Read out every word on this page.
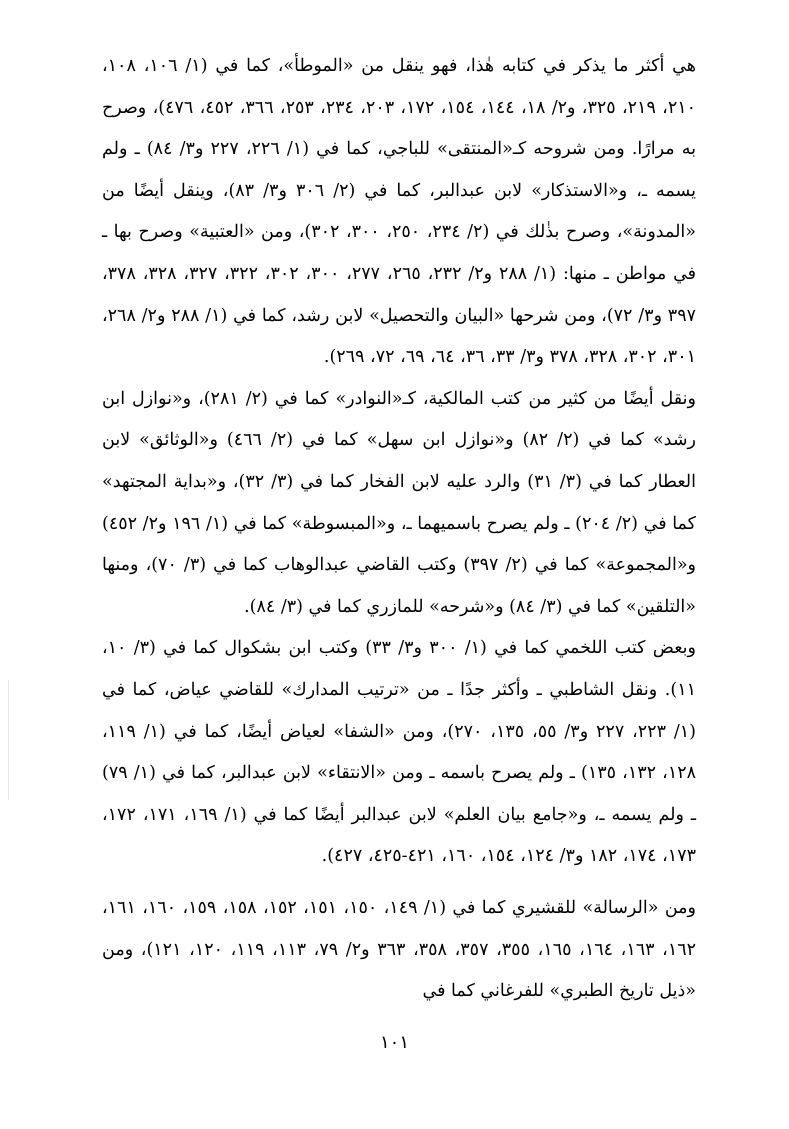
هي أكثر ما يذكر في كتابه هٰذا، فهو ينقل من «الموطأ»، كما في (١/ ١٠٦، ١٠٨، ٢١٠، ٢١٩، ٣٢٥، و٢/ ١٨، ١٤٤، ١٥٤، ١٧٢، ٢٠٣، ٢٣٤، ٢٥٣، ٣٦٦، ٤٥٢، ٤٧٦)، وصرح به مرارًا. ومن شروحه كـ«المنتقى» للباجي، كما في (١/ ٢٢٦، ٢٢٧ و٣/ ٨٤) ـ ولم يسمه ـ، و«الاستذكار» لابن عبدالبر، كما في (٢/ ٣٠٦ و٣/ ٨٣)، وينقل أيضًا من «المدونة»، وصرح بذٰلك في (٢/ ٢٣٤، ٢٥٠، ٣٠٠، ٣٠٢)، ومن «العتبية» وصرح بها ـ في مواطن ـ منها: (١/ ٢٨٨ و٢/ ٢٣٢، ٢٦٥، ٢٧٧، ٣٠٠، ٣٠٢، ٣٢٢، ٣٢٧، ٣٢٨، ٣٧٨، ٣٩٧ و٣/ ٧٢)، ومن شرحها «البيان والتحصيل» لابن رشد، كما في (١/ ٢٨٨ و٢/ ٢٦٨، ٣٠١، ٣٠٢، ٣٢٨، ٣٧٨ و٣/ ٣٣، ٣٦، ٦٤، ٦٩، ٧٢، ٢٦٩).

ونقل أيضًا من كثير من كتب المالكية، كـ«النوادر» كما في (٢/ ٢٨١)، و«نوازل ابن رشد» كما في (٢/ ٨٢) و«نوازل ابن سهل» كما في (٢/ ٤٦٦) و«الوثائق» لابن العطار كما في (٣/ ٣١) والرد عليه لابن الفخار كما في (٣/ ٣٢)، و«بداية المجتهد» كما في (٢/ ٢٠٤) ـ ولم يصرح باسميهما ـ، و«المبسوطة» كما في (١/ ١٩٦ و٢/ ٤٥٢) و«المجموعة» كما في (٢/ ٣٩٧) وكتب القاضي عبدالوهاب كما في (٣/ ٧٠)، ومنها «التلقين» كما في (٣/ ٨٤) و«شرحه» للمازري كما في (٣/ ٨٤).

وبعض كتب اللخمي كما في (١/ ٣٠٠ و٣/ ٣٣) وكتب ابن بشكوال كما في (٣/ ١٠، ١١). ونقل الشاطبي ـ وأكثر جدًا ـ من «ترتيب المدارك» للقاضي عياض، كما في (١/ ٢٢٣، ٢٢٧ و٣/ ٥٥، ١٣٥، ٢٧٠)، ومن «الشفا» لعياض أيضًا، كما في (١/ ١١٩، ١٢٨، ١٣٢، ١٣٥) ـ ولم يصرح باسمه ـ ومن «الانتقاء» لابن عبدالبر، كما في (١/ ٧٩) ـ ولم يسمه ـ، و«جامع بيان العلم» لابن عبدالبر أيضًا كما في (١/ ١٦٩، ١٧١، ١٧٢، ١٧٣، ١٧٤، ١٨٢ و٣/ ١٢٤، ١٥٤، ١٦٠، ٤٢١-٤٢٥، ٤٢٧).

ومن «الرسالة» للقشيري كما في (١/ ١٤٩، ١٥٠، ١٥١، ١٥٢، ١٥٨، ١٥٩، ١٦٠، ١٦١، ١٦٢، ١٦٣، ١٦٤، ١٦٥، ٣٥٥، ٣٥٧، ٣٥٨، ٣٦٣ و٢/ ٧٩، ١١٣، ١١٩، ١٢٠، ١٢١)، ومن «ذيل تاريخ الطبري» للفرغاني كما في

١٠١
